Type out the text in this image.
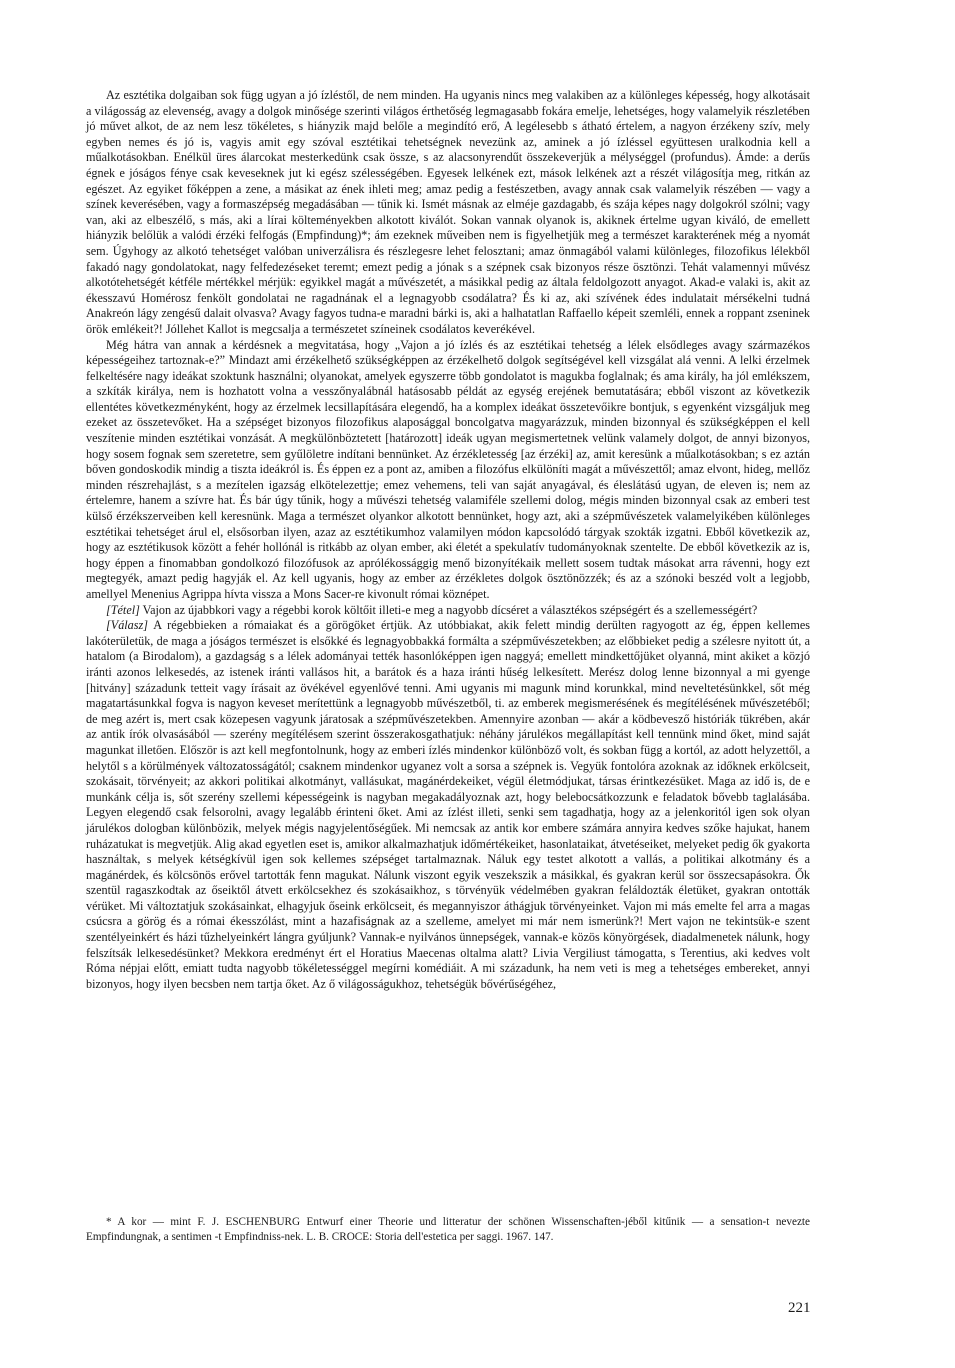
Az esztétika dolgaiban sok függ ugyan a jó ízléstől, de nem minden. Ha ugyanis nincs meg valakiben az a különleges képesség, hogy alkotásait a világosság az elevenség, avagy a dolgok minősége szerinti világos érthetőség legmagasabb fokára emelje, lehetséges, hogy valamelyik részletében jó művet alkot, de az nem lesz tökéletes, s hiányzik majd belőle a megindító erő, A legélesebb s átható értelem, a nagyon érzékeny szív, mely egyben nemes és jó is, vagyis amit egy szóval esztétikai tehetségnek nevezünk az, aminek a jó ízléssel együttesen uralkodnia kell a műalkotásokban. Enélkül üres álarcokat mesterkedünk csak össze, s az alacsonyrendűt összekeverjük a mélységgel (profundus). Ámde: a derűs égnek e jóságos fénye csak keveseknek jut ki egész szélességében. Egyesek lelkének ezt, mások lelkének azt a részét világosítja meg, ritkán az egészet. Az egyiket főképpen a zene, a másikat az ének ihleti meg; amaz pedig a festészetben, avagy annak csak valamelyik részében — vagy a színek keverésében, vagy a formaszépség megadásában — tűnik ki. Ismét másnak az elméje gazdagabb, és szája képes nagy dolgokról szólni; vagy van, aki az elbeszélő, s más, aki a lírai költeményekben alkotott kiválót. Sokan vannak olyanok is, akiknek értelme ugyan kiváló, de emellett hiányzik belőlük a valódi érzéki felfogás (Empfindung)*; ám ezeknek műveiben nem is figyelhetjük meg a természet karakterének még a nyomát sem. Úgyhogy az alkotó tehetséget valóban univerzálisra és részlegesre lehet felosztani; amaz önmagából valami különleges, filozofikus lélekből fakadó nagy gondolatokat, nagy felfedezéseket teremt; emezt pedig a jónak s a szépnek csak bizonyos része ösztönzi. Tehát valamennyi művész alkotótehetségét kétféle mértékkel mérjük: egyikkel magát a művészetét, a másikkal pedig az általa feldolgozott anyagot. Akad-e valaki is, akit az ékesszavú Homérosz fenkölt gondolatai ne ragadnának el a legnagyobb csodálatra? És ki az, aki szívének édes indulatait mérsékelni tudná Anakreón lágy zengésű dalait olvasva? Avagy fagyos tudna-e maradni bárki is, aki a halhatatlan Raffaello képeit szemléli, ennek a roppant zseninek örök emlékeit?! Jóllehet Kallot is megcsalja a természetet színeinek csodálatos keverékével.

Még hátra van annak a kérdésnek a megvitatása, hogy „Vajon a jó ízlés és az esztétikai tehetség a lélek elsődleges avagy származékos képességeihez tartoznak-e?” Mindazt ami érzékelhető szükségképpen az érzékelhető dolgok segítségével kell vizsgálat alá venni. A lelki érzelmek felkeltésére nagy ideákat szoktunk használni; olyanokat, amelyek egyszerre több gondolatot is magukba foglalnak; és ama király, ha jól emlékszem, a szkíták királya, nem is hozhatott volna a vesszőnyalábnál hatásosabb példát az egység erejének bemutatására; ebből viszont az következik ellentétes következményként, hogy az érzelmek lecsillapítására elegendő, ha a komplex ideákat összetevőikre bontjuk, s egyenként vizsgáljuk meg ezeket az összetevőket. Ha a szépséget bizonyos filozofikus alaposággal boncolgatva magyarázzuk, minden bizonnyal és szükségképpen el kell veszítenie minden esztétikai vonzását. A megkülönböztetett [határozott] ideák ugyan megismertetnek velünk valamely dolgot, de annyi bizonyos, hogy sosem fognak sem szeretetre, sem gyűlöletre indítani bennünket. Az érzékletesség [az érzéki] az, amit keresünk a műalkotásokban; s ez aztán bőven gondoskodik mindig a tiszta ideákról is. És éppen ez a pont az, amiben a filozófus elkülöníti magát a művészettől; amaz elvont, hideg, mellőz minden részrehajlást, s a mezítelen igazság elkötelezettje; emez vehemens, teli van saját anyagával, és éleslátású ugyan, de eleven is; nem az értelemre, hanem a szívre hat. És bár úgy tűnik, hogy a művészi tehetség valamiféle szellemi dolog, mégis minden bizonnyal csak az emberi test külső érzékszerveiben kell keresnünk. Maga a természet olyankor alkotott bennünket, hogy azt, aki a szépművészetek valamelyikében különleges esztétikai tehetséget árul el, elsősorban ilyen, azaz az esztétikumhoz valamilyen módon kapcsolódó tárgyak szokták izgatni. Ebből következik az, hogy az esztétikusok között a fehér hollónál is ritkább az olyan ember, aki életét a spekulatív tudományoknak szentelte. De ebből következik az is, hogy éppen a finomabban gondolkozó filozófusok az aprólékossággig menő bizonyítékaik mellett sosem tudtak másokat arra rávenni, hogy ezt megtegyék, amazt pedig hagyják el. Az kell ugyanis, hogy az ember az érzékletes dolgok ösztönözzék; és az a szónoki beszéd volt a legjobb, amellyel Menenius Agrippa hívta vissza a Mons Sacer-re kivonult római köznépet.

[Tétel] Vajon az újabbkori vagy a régebbi korok költőit illeti-e meg a nagyobb dícséret a választékos szépségért és a szellemességért?

[Válasz] A régebbieken a rómaiakat és a görögöket értjük. Az utóbbiakat, akik felett mindig derülten ragyogott az ég, éppen kellemes lakóterületük, de maga a jóságos természet is elsőkké és legnagyobbakká formálta a szépművészetekben; az előbbieket pedig a szélesre nyitott út, a hatalom (a Birodalom), a gazdagság s a lélek adományai tették hasonlóképpen igen naggyá; emellett mindkettőjüket olyanná, mint akiket a közjó iránti azonos lelkesedés, az istenek iránti vallásos hit, a barátok és a haza iránti hűség lelkesített. Merész dolog lenne bizonnyal a mi gyenge [hitvány] századunk tetteit vagy írásait az övékével egyenlővé tenni. Ami ugyanis mi magunk mind korunkkal, mind neveltetésünkkel, sőt még magatartásunkkal fogva is nagyon keveset merítettünk a legnagyobb művészetből, ti. az emberek megismerésének és megítélésének művészetéből; de meg azért is, mert csak közepesen vagyunk járatosak a szépművészetekben. Amennyire azonban — akár a ködbevesző históriák tükrében, akár az antik írók olvasásából — szerény megítélésem szerint összerakosgathatjuk: néhány járulékos megállapítást kell tennünk mind őket, mind saját magunkat illetően. Először is azt kell megfontolnunk, hogy az emberi ízlés mindenkor különböző volt, és sokban függ a kortól, az adott helyzettől, a helytől s a körülmények változatosságától; csaknem mindenkor ugyanez volt a sorsa a szépnek is. Vegyük fontolóra azoknak az időknek erkölcseit, szokásait, törvényeit; az akkori politikai alkotmányt, vallásukat, magánérdekeiket, végül életmódjukat, társas érintkezésüket. Maga az idő is, de e munkánk célja is, sőt szerény szellemi képességeink is nagyban megakadályoznak azt, hogy belebocsátkozzunk e feladatok bővebb taglalásába. Legyen elegendő csak felsorolni, avagy legalább érinteni őket. Ami az ízlést illeti, senki sem tagadhatja, hogy az a jelenkoritól igen sok olyan járulékos dologban különbözik, melyek mégis nagyjelentőségűek. Mi nemcsak az antik kor embere számára annyira kedves szőke hajukat, hanem ruházatukat is megvetjük. Alig akad egyetlen eset is, amikor alkalmazhatjuk időmértékeiket, hasonlataikat, átvetéseiket, melyeket pedig ők gyakorta használtak, s melyek kétségkívül igen sok kellemes szépséget tartalmaznak. Náluk egy testet alkotott a vallás, a politikai alkotmány és a magánérdek, és kölcsönös erővel tartották fenn magukat. Nálunk viszont egyik veszekszik a másikkal, és gyakran kerül sor összecsapásokra. Ők szentül ragaszkodtak az őseiktől átvett erkölcsekhez és szokásaikhoz, s törvényük védelmében gyakran feláldozták életüket, gyakran ontották vérüket. Mi változtatjuk szokásainkat, elhagyjuk őseink erkölcseit, és megannyiszor áthágjuk törvényeinket. Vajon mi más emelte fel arra a magas csúcsra a görög és a római ékesszólást, mint a hazafiságnak az a szelleme, amelyet mi már nem ismerünk?! Mert vajon ne tekintsük-e szent szentélyeinkért és házi tűzhelyeinkért lángra gyúljunk? Vannak-e nyilvános ünnepségek, vannak-e közös könyörgések, diadalmenetek nálunk, hogy felszítsák lelkesedésünket? Mekkora eredményt ért el Horatius Maecenas oltalma alatt? Livia Vergiliust támogatta, s Terentius, aki kedves volt Róma népjai előtt, emiatt tudta nagyobb tökéletességgel megírni komédiáit. A mi századunk, ha nem veti is meg a tehetséges embereket, annyi bizonyos, hogy ilyen becsben nem tartja őket. Az ő világosságukhoz, tehetségük bővérűségéhez,

* A kor — mint F. J. ESCHENBURG Entwurf einer Theorie und litteratur der schönen Wissenschaften-jéből kitűnik — a sensation-t nevezte Empfindungnak, a sentimen -t Empfindniss-nek. L. B. CROCE: Storia dell'estetica per saggi. 1967. 147.

221
